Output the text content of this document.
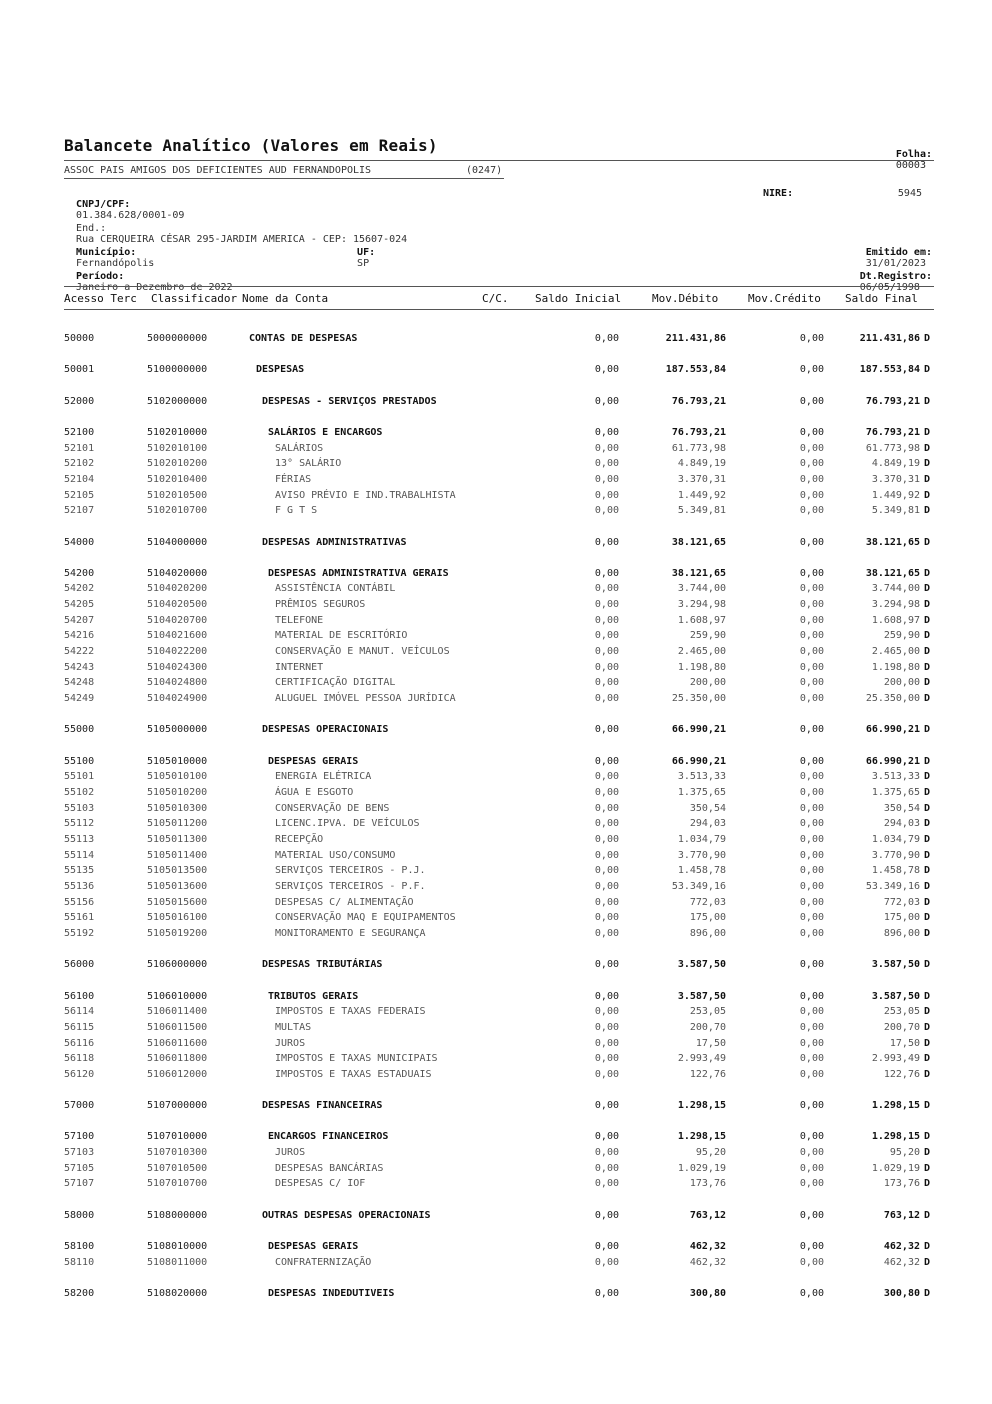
Balancete Analítico (Valores em Reais)	Folha:
00003

ASSOC PAIS AMIGOS DOS DEFICIENTES AUD FERNANDOPOLIS	(0247)

CNPJ/CPF:
01.384.628/0001-09

NIRE:	5945

End.:
Rua CERQUEIRA CÉSAR 295-JARDIM AMERICA - CEP: 15607-024

Município:
Fernandópolis

UF:
SP

Emitido em:
31/01/2023

Período:
Janeiro a Dezembro de 2022

Dt.Registro:
06/05/1998

Acesso Terc Classificador Nome da Conta	C/C. Saldo Inicial	Mov.Débito	Mov.Crédito Saldo Final
50000	5000000000	CONTAS DE DESPESAS	0,00	211.431,86	0,00	211.431,86 D
50001	5100000000	DESPESAS	0,00	187.553,84	0,00	187.553,84 D
52000	5102000000	DESPESAS - SERVIÇOS PRESTADOS	0,00	76.793,21	0,00	76.793,21 D
52100	5102010000	SALÁRIOS E ENCARGOS	0,00	76.793,21	0,00	76.793,21 D
52101	5102010100	SALÁRIOS	0,00	61.773,98	0,00	61.773,98 D
52102	5102010200	13° SALÁRIO	0,00	4.849,19	0,00	4.849,19 D
52104	5102010400	FÉRIAS	0,00	3.370,31	0,00	3.370,31 D
52105	5102010500	AVISO PRÉVIO E IND.TRABALHISTA	0,00	1.449,92	0,00	1.449,92 D
52107	5102010700	F G T S	0,00	5.349,81	0,00	5.349,81 D
54000	5104000000	DESPESAS ADMINISTRATIVAS	0,00	38.121,65	0,00	38.121,65 D
54200	5104020000	DESPESAS ADMINISTRATIVA GERAIS	0,00	38.121,65	0,00	38.121,65 D
54202	5104020200	ASSISTÊNCIA CONTÁBIL	0,00	3.744,00	0,00	3.744,00 D
54205	5104020500	PRÊMIOS SEGUROS	0,00	3.294,98	0,00	3.294,98 D
54207	5104020700	TELEFONE	0,00	1.608,97	0,00	1.608,97 D
54216	5104021600	MATERIAL DE ESCRITÓRIO	0,00	259,90	0,00	259,90 D
54222	5104022200	CONSERVAÇÃO E MANUT. VEÍCULOS	0,00	2.465,00	0,00	2.465,00 D
54243	5104024300	INTERNET	0,00	1.198,80	0,00	1.198,80 D
54248	5104024800	CERTIFICAÇÃO DIGITAL	0,00	200,00	0,00	200,00 D
54249	5104024900	ALUGUEL IMÓVEL PESSOA JURÍDICA	0,00	25.350,00	0,00	25.350,00 D
55000	5105000000	DESPESAS OPERACIONAIS	0,00	66.990,21	0,00	66.990,21 D
55100	5105010000	DESPESAS GERAIS	0,00	66.990,21	0,00	66.990,21 D
55101	5105010100	ENERGIA ELÉTRICA	0,00	3.513,33	0,00	3.513,33 D
55102	5105010200	ÁGUA E ESGOTO	0,00	1.375,65	0,00	1.375,65 D
55103	5105010300	CONSERVAÇÃO DE BENS	0,00	350,54	0,00	350,54 D
55112	5105011200	LICENC.IPVA. DE VEÍCULOS	0,00	294,03	0,00	294,03 D
55113	5105011300	RECEPÇÃO	0,00	1.034,79	0,00	1.034,79 D
55114	5105011400	MATERIAL USO/CONSUMO	0,00	3.770,90	0,00	3.770,90 D
55135	5105013500	SERVIÇOS TERCEIROS - P.J.	0,00	1.458,78	0,00	1.458,78 D
55136	5105013600	SERVIÇOS TERCEIROS - P.F.	0,00	53.349,16	0,00	53.349,16 D
55156	5105015600	DESPESAS C/ ALIMENTAÇÃO	0,00	772,03	0,00	772,03 D
55161	5105016100	CONSERVAÇÃO MAQ E EQUIPAMENTOS	0,00	175,00	0,00	175,00 D
55192	5105019200	MONITORAMENTO E SEGURANÇA	0,00	896,00	0,00	896,00 D
56000	5106000000	DESPESAS TRIBUTÁRIAS	0,00	3.587,50	0,00	3.587,50 D
56100	5106010000	TRIBUTOS GERAIS	0,00	3.587,50	0,00	3.587,50 D
56114	5106011400	IMPOSTOS E TAXAS FEDERAIS	0,00	253,05	0,00	253,05 D
56115	5106011500	MULTAS	0,00	200,70	0,00	200,70 D
56116	5106011600	JUROS	0,00	17,50	0,00	17,50 D
56118	5106011800	IMPOSTOS E TAXAS MUNICIPAIS	0,00	2.993,49	0,00	2.993,49 D
56120	5106012000	IMPOSTOS E TAXAS ESTADUAIS	0,00	122,76	0,00	122,76 D
57000	5107000000	DESPESAS FINANCEIRAS	0,00	1.298,15	0,00	1.298,15 D
57100	5107010000	ENCARGOS FINANCEIROS	0,00	1.298,15	0,00	1.298,15 D
57103	5107010300	JUROS	0,00	95,20	0,00	95,20 D
57105	5107010500	DESPESAS BANCÁRIAS	0,00	1.029,19	0,00	1.029,19 D
57107	5107010700	DESPESAS C/ IOF	0,00	173,76	0,00	173,76 D
58000	5108000000	OUTRAS DESPESAS OPERACIONAIS	0,00	763,12	0,00	763,12 D
58100	5108010000	DESPESAS GERAIS	0,00	462,32	0,00	462,32 D
58110	5108011000	CONFRATERNIZAÇÃO	0,00	462,32	0,00	462,32 D
58200	5108020000	DESPESAS INDEDUTIVEIS	0,00	300,80	0,00	300,80 D
